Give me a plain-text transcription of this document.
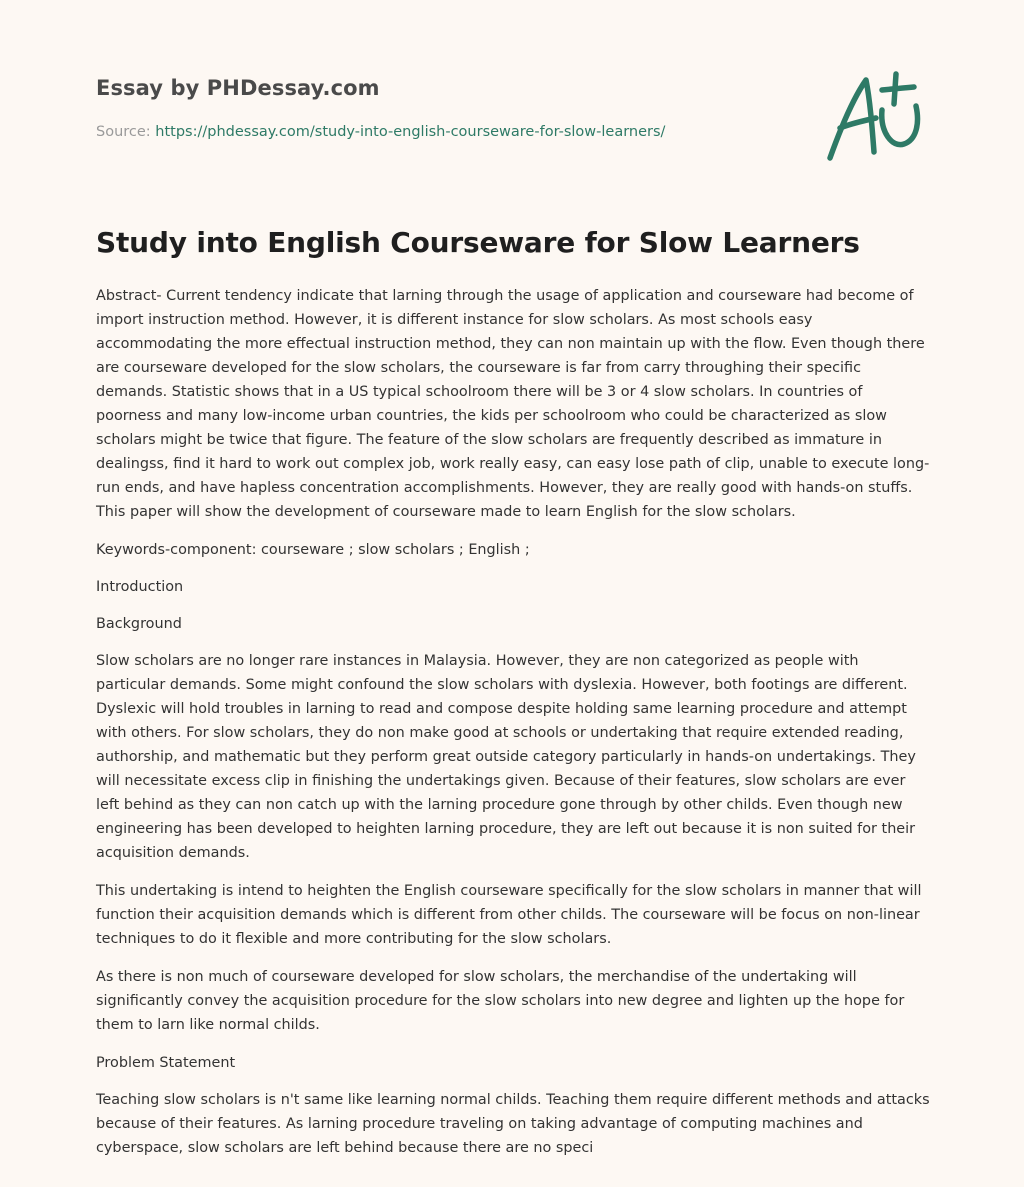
Essay by PHDessay.com
Source: https://phdessay.com/study-into-english-courseware-for-slow-learners/
Study into English Courseware for Slow Learners

Abstract- Current tendency indicate that larning through the usage of application and courseware had become of import instruction method. However, it is different instance for slow scholars. As most schools easy accommodating the more effectual instruction method, they can non maintain up with the flow. Even though there are courseware developed for the slow scholars, the courseware is far from carry throughing their specific demands. Statistic shows that in a US typical schoolroom there will be 3 or 4 slow scholars. In countries of poorness and many low-income urban countries, the kids per schoolroom who could be characterized as slow scholars might be twice that figure. The feature of the slow scholars are frequently described as immature in dealingss, find it hard to work out complex job, work really easy, can easy lose path of clip, unable to execute long-run ends, and have hapless concentration accomplishments. However, they are really good with hands-on stuffs. This paper will show the development of courseware made to learn English for the slow scholars.

Keywords-component: courseware ; slow scholars ; English ;

Introduction

Background

Slow scholars are no longer rare instances in Malaysia. However, they are non categorized as people with particular demands. Some might confound the slow scholars with dyslexia. However, both footings are different. Dyslexic will hold troubles in larning to read and compose despite holding same learning procedure and attempt with others. For slow scholars, they do non make good at schools or undertaking that require extended reading, authorship, and mathematic but they perform great outside category particularly in hands-on undertakings. They will necessitate excess clip in finishing the undertakings given. Because of their features, slow scholars are ever left behind as they can non catch up with the larning procedure gone through by other childs. Even though new engineering has been developed to heighten larning procedure, they are left out because it is non suited for their acquisition demands.

This undertaking is intend to heighten the English courseware specifically for the slow scholars in manner that will function their acquisition demands which is different from other childs. The courseware will be focus on non-linear techniques to do it flexible and more contributing for the slow scholars.

As there is non much of courseware developed for slow scholars, the merchandise of the undertaking will significantly convey the acquisition procedure for the slow scholars into new degree and lighten up the hope for them to larn like normal childs.

Problem Statement

Teaching slow scholars is n't same like learning normal childs. Teaching them require different methods and attacks because of their features. As larning procedure traveling on taking advantage of computing machines and cyberspace, slow scholars are left behind because there are no speci
